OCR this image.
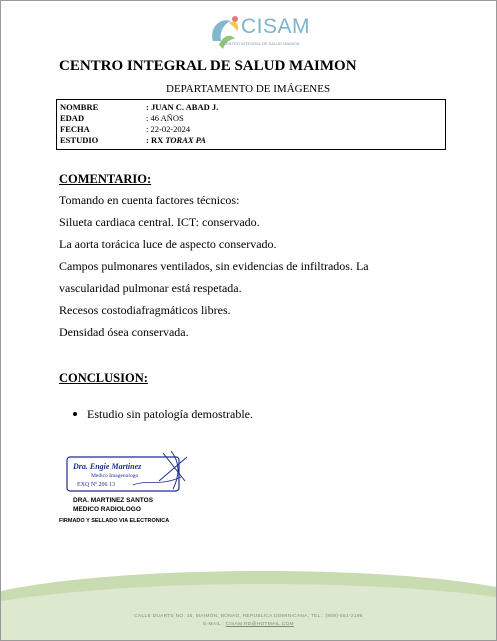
CISAM
CENTRO INTEGRAL DE SALUD MAIMON
CENTRO INTEGRAL DE SALUD MAIMON
DEPARTAMENTO DE IMÁGENES
NOMBRE	: JUAN C. ABAD J.
EDAD	: 46 AÑOS
FECHA	: 22-02-2024
ESTUDIO	: RX TORAX PA
COMENTARIO:

Tomando en cuenta factores técnicos:

Silueta cardiaca central. ICT: conservado.

La aorta torácica luce de aspecto conservado.

Campos pulmonares ventilados, sin evidencias de infiltrados. La

vascularidad pulmonar está respetada.

Recesos costodiafragmáticos libres.

Densidad ósea conservada.

CONCLUSION:
Estudio sin patología demostrable.
Dra. Engie Martinez
Medico Imagenologo
EXQ Nº 206 13
DRA. MARTINEZ SANTOS
MEDICO RADIOLOGO
FIRMADO Y SELLADO VIA ELECTRONICA
CALLE DUARTE NO. 15, MAIMÓN, BONAO, REPUBLICA DOMINICANA, TEL.: (809)-551-2196
E-MAIL : CISAM.RD@HOTMAIL.COM
